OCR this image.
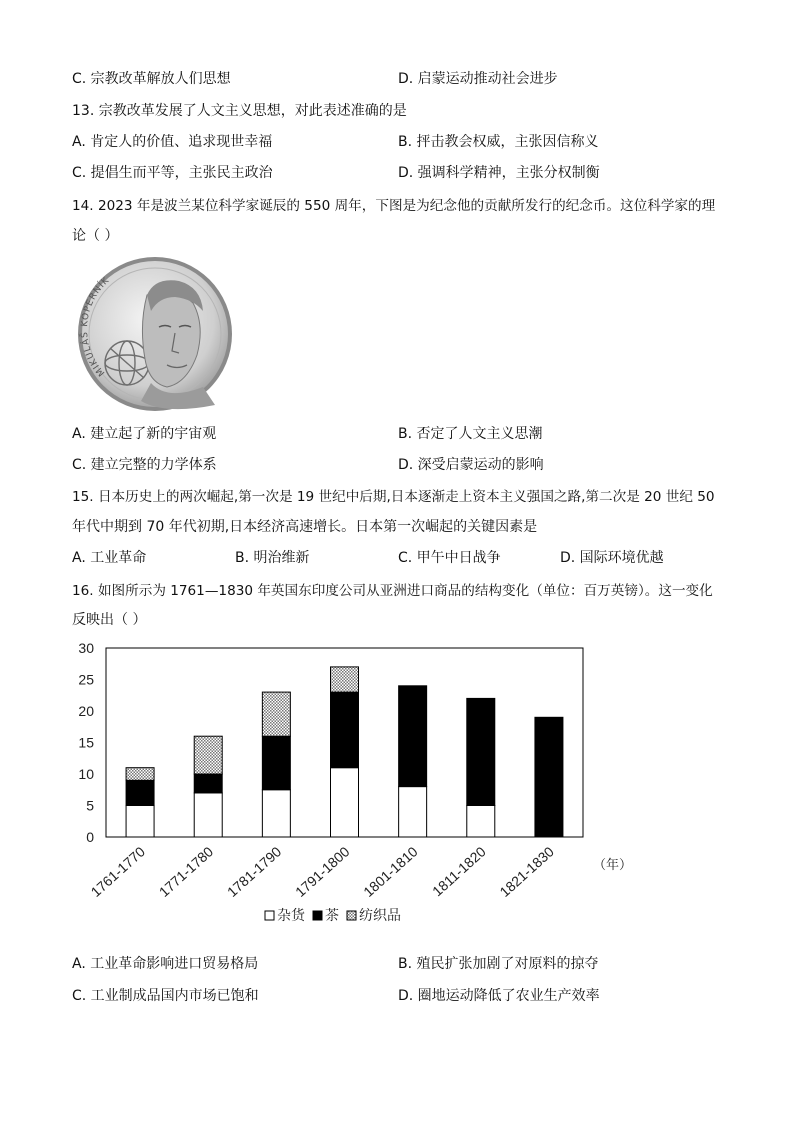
C. 宗教改革解放人们思想	D. 启蒙运动推动社会进步
13. 宗教改革发展了人文主义思想，对此表述准确的是
A. 肯定人的价值、追求现世幸福	B. 抨击教会权威，主张因信称义
C. 提倡生而平等，主张民主政治	D. 强调科学精神，主张分权制衡
14. 2023 年是波兰某位科学家诞辰的 550 周年，下图是为纪念他的贡献所发行的纪念币。这位科学家的理
论（ ）
MIKULÁŠ KOPERNÍK
A. 建立起了新的宇宙观	B. 否定了人文主义思潮
C. 建立完整的力学体系	D. 深受启蒙运动的影响
15. 日本历史上的两次崛起,第一次是 19 世纪中后期,日本逐渐走上资本主义强国之路,第二次是 20 世纪 50
年代中期到 70 年代初期,日本经济高速增长。日本第一次崛起的关键因素是
A. 工业革命	B. 明治维新	C. 甲午中日战争	D. 国际环境优越
16. 如图所示为 1761—1830 年英国东印度公司从亚洲进口商品的结构变化（单位：百万英镑）。这一变化
反映出（ ）
0
5
10
15
20
25
30
1761-1770 1771-1780 1781-1790 1791-1800 1801-1810 1811-1820 1821-1830	（年）
杂货 茶 纺织品
A. 工业革命影响进口贸易格局	B. 殖民扩张加剧了对原料的掠夺
C. 工业制成品国内市场已饱和	D. 圈地运动降低了农业生产效率
